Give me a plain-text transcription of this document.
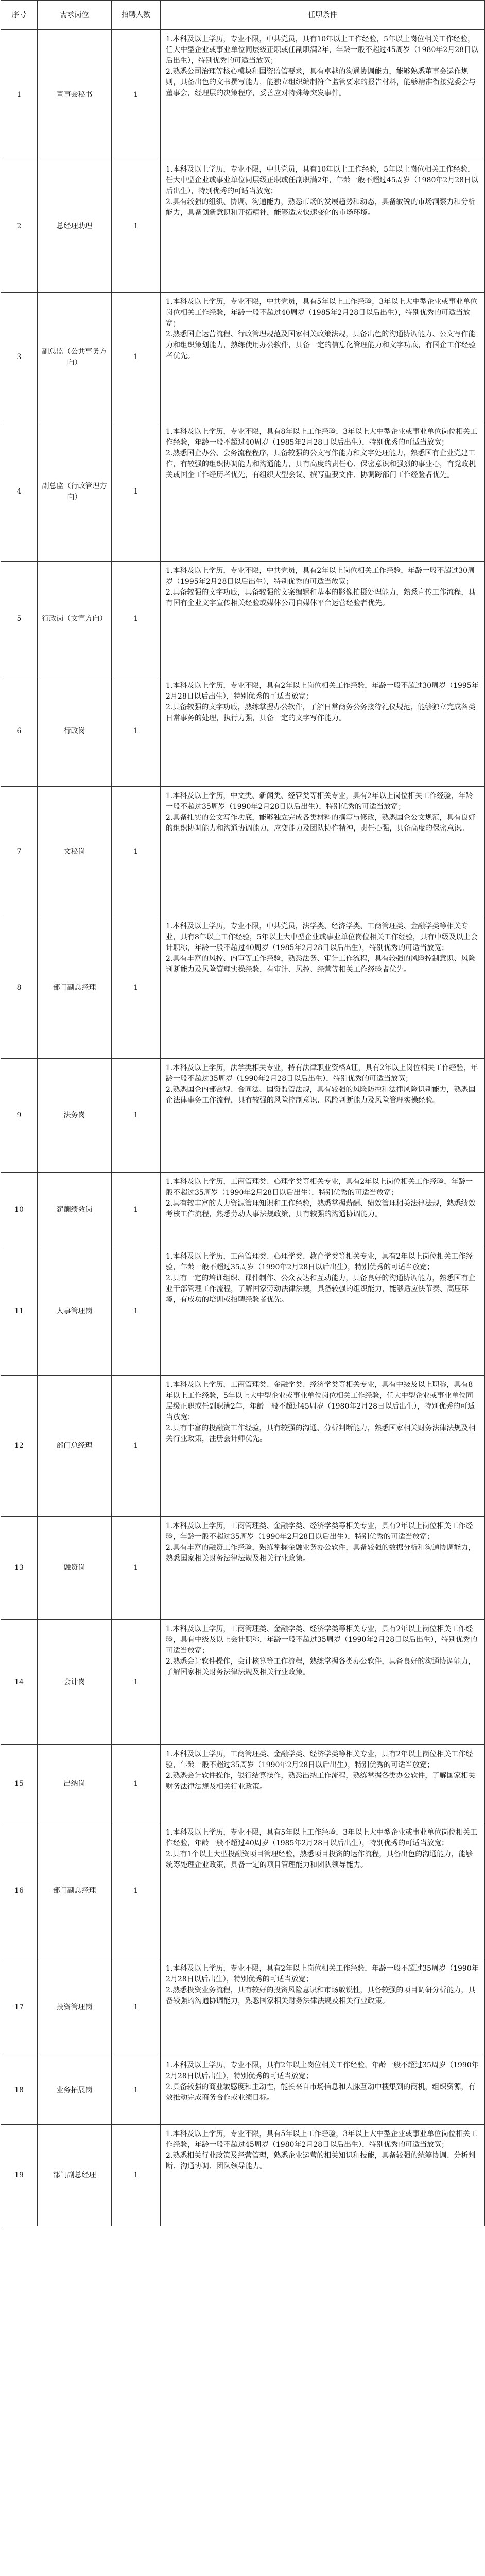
序号	需求岗位	招聘人数	任职条件
1	董事会秘书	1	1.本科及以上学历，专业不限，中共党员，具有10年以上工作经验，5年以上岗位相关工作经验，任大中型企业或事业单位同层级正职或任副职满2年，年龄一般不超过45周岁（1980年2月28日以后出生），特别优秀的可适当放宽；
2.熟悉公司治理等核心模块和国资监管要求，具有卓越的沟通协调能力，能够熟悉董事会运作规则，具备出色的文书撰写能力，能独立组织编制符合监管要求的报告材料，能够精准衔接党委会与董事会，经理层的决策程序，妥善应对特殊等突发事件。

2	总经理助理	1	1.本科及以上学历，专业不限，中共党员，具有10年以上工作经验，5年以上岗位相关工作经验，任大中型企业或事业单位同层级正职或任副职满2年，年龄一般不超过45周岁（1980年2月28日以后出生），特别优秀的可适当放宽；
2.具有较强的组织、协调、沟通能力，熟悉市场的发展趋势和动态，具备敏锐的市场洞察力和分析能力，具备创新意识和开拓精神，能够适应快速变化的市场环境。

3	副总监（公共事务方向）	1	1.本科及以上学历，专业不限，中共党员，具有5年以上工作经验，3年以上大中型企业或事业单位岗位相关工作经验，年龄一般不超过40周岁（1985年2月28日以后出生），特别优秀的可适当放宽；
2.熟悉国企运营流程、行政管理规范及国家相关政策法规，具备出色的沟通协调能力、公文写作能力和组织策划能力，熟练使用办公软件，具备一定的信息化管理能力和文字功底，有国企工作经验者优先。

4	副总监（行政管理方向）	1	1.本科及以上学历，专业不限，具有8年以上工作经验，3年以上大中型企业或事业单位岗位相关工作经验，年龄一般不超过40周岁（1985年2月28日以后出生），特别优秀的可适当放宽；
2.熟悉国企办公、会务流程程序，具备较强的公文写作能力和文字处理能力，熟悉国有企业党建工作，有较强的组织协调能力和沟通能力，具有高度的责任心、保密意识和强烈的事业心，有党政机关或国企工作经历者优先，有组织大型会议、撰写重要文件、协调跨部门工作经验者优先。

5	行政岗（文宣方向）	1	1.本科及以上学历，专业不限，中共党员，具有2年以上岗位相关工作经验，年龄一般不超过30周岁（1995年2月28日以后出生），特别优秀的可适当放宽；
2.具备较强的文字功底，具备较强的文案编辑和基本的影像拍摄处理能力，熟悉宣传工作流程，具有国有企业文字宣传相关经验或媒体公司自媒体平台运营经验者优先。

6	行政岗	1	1.本科及以上学历，专业不限，具有2年以上岗位相关工作经验，年龄一般不超过30周岁（1995年2月28日以后出生），特别优秀的可适当放宽；
2.具备较强的文字功底，熟练掌握办公软件，了解日常商务公务接待礼仪规范，能够独立完成各类日常事务的处理，执行力强，具备一定的文字写作能力。

7	文秘岗	1	1.本科及以上学历，中文类、新闻类、经管类等相关专业，具有2年以上岗位相关工作经验，年龄一般不超过35周岁（1990年2月28日以后出生），特别优秀的可适当放宽；
2.具备扎实的公文写作功底，能够独立完成各类材料的撰写与修改，熟悉国企公文规范，具有良好的组织协调能力和沟通协调能力，应变能力及团队协作精神，责任心强，具备高度的保密意识。

8	部门副总经理	1	1.本科及以上学历，专业不限，中共党员，法学类、经济学类、工商管理类、金融学类等相关专业，具有8年以上工作经验，5年以上大中型企业或事业单位岗位相关工作经验，具有中级及以上会计职称，年龄一般不超过40周岁（1985年2月28日以后出生），特别优秀的可适当放宽；
2.具有丰富的风控、内审等工作经验，熟悉法务、审计工作流程，具有较强的风险控制意识、风险判断能力及风险管理实操经验，有审计、风控、经营等相关工作经验者优先。

9	法务岗	1	1.本科及以上学历，法学类相关专业，持有法律职业资格A证，具有2年以上岗位相关工作经验，年龄一般不超过35周岁（1990年2月28日以后出生），特别优秀的可适当放宽；
2.熟悉国企内部合规、合同法、国资监管法规，具有较强的风险防控和法律风险识别能力，熟悉国企法律事务工作流程，具有较强的风险控制意识、风险判断能力及风险管理实操经验。

10	薪酬绩效岗	1	1.本科及以上学历，工商管理类、心理学类等相关专业，具有2年以上岗位相关工作经验，年龄一般不超过35周岁（1990年2月28日以后出生），特别优秀的可适当放宽；
2.具有较丰富的人力资源管理知识和工作经验，熟悉掌握薪酬、绩效管理相关法律法规，熟悉绩效考核工作流程，熟悉劳动人事法规政策，具有较强的沟通协调能力。

11	人事管理岗	1	1.本科及以上学历，工商管理类、心理学类、教育学类等相关专业，具有2年以上岗位相关工作经验，年龄一般不超过35周岁（1990年2月28日以后出生），特别优秀的可适当放宽；
2.具有一定的培训组织、课件制作、公众表达和互动能力，具备良好的沟通协调能力，熟悉国有企业干部管理工作流程，了解国家劳动法律法规，具备较强的组织能力，能够适应快节奏、高压环境，有成功的培训或招聘经验者优先。

12	部门总经理	1	1.本科及以上学历，工商管理类、金融学类、经济学类等相关专业，具有中级及以上职称，具有8年以上工作经验，5年以上大中型企业或事业单位岗位相关工作经验，任大中型企业或事业单位同层级正职或任副职满2年，年龄一般不超过45周岁（1980年2月28日以后出生），特别优秀的可适当放宽；
2.具有丰富的投融资工作经验，具有较强的沟通、分析判断能力，熟悉国家相关财务法律法规及相关行业政策，注册会计师优先。

13	融资岗	1	1.本科及以上学历，工商管理类、金融学类、经济学类等相关专业，具有2年以上岗位相关工作经验，年龄一般不超过35周岁（1990年2月28日以后出生），特别优秀的可适当放宽；
2.具有丰富的融资工作经验，熟练掌握金融业务办公软件，具备较强的数据分析和沟通协调能力，熟悉国家相关财务法律法规及相关行业政策。

14	会计岗	1	1.本科及以上学历，工商管理类、金融学类、经济学类等相关专业，具有2年以上岗位相关工作经验，具有中级及以上会计职称，年龄一般不超过35周岁（1990年2月28日以后出生），特别优秀的可适当放宽；
2.熟悉会计软件操作，会计核算等工作流程，熟练掌握各类办公软件，具备良好的沟通协调能力，了解国家相关财务法律法规及相关行业政策。

15	出纳岗	1	1.本科及以上学历，工商管理类、金融学类、经济学类等相关专业，具有2年以上岗位相关工作经验，年龄一般不超过35周岁（1990年2月28日以后出生），特别优秀的可适当放宽；
2.熟悉会计软件操作，银行结算操作，熟悉出纳工作流程，熟练掌握各类办公软件，了解国家相关财务法律法规及相关行业政策。

16	部门副总经理	1	1.本科及以上学历，专业不限，具有5年以上工作经验，3年以上大中型企业或事业单位岗位相关工作经验，年龄一般不超过40周岁（1985年2月28日以后出生），特别优秀的可适当放宽；
2.具有1个以上大型投融资项目管理经验，熟悉项目投资的运作流程，具备出色的沟通能力，能够统筹处理企业政策，具备一定的项目管理能力和团队领导能力。

17	投资管理岗	1	1.本科及以上学历，专业不限，具有2年以上岗位相关工作经验，年龄一般不超过35周岁（1990年2月28日以后出生），特别优秀的可适当放宽；
2.熟悉投资业务流程，具有较好的投资风险意识和市场敏锐性，具备较强的项目调研分析能力，具备较强的沟通协调能力，熟悉国家相关财务法律法规及相关行业政策。

18	业务拓展岗	1	1.本科及以上学历，专业不限，具有2年以上岗位相关工作经验，年龄一般不超过35周岁（1990年2月28日以后出生），特别优秀的可适当放宽；
2.具备较强的商业敏感度和主动性，能长来自市场信息和人脉互动中搜集到的商机，组织资源，有效推动完成商务合作或业绩目标。

19	部门副总经理	1	1.本科及以上学历，专业不限，具有5年以上工作经验，3年以上大中型企业或事业单位岗位相关工作经验，年龄一般不超过45周岁（1980年2月28日以后出生），特别优秀的可适当放宽；
2.熟悉相关行业政策及经营管理，熟悉企业运营的相关知识和技能，具备较强的统筹协调、分析判断、沟通协调、团队领导能力。
